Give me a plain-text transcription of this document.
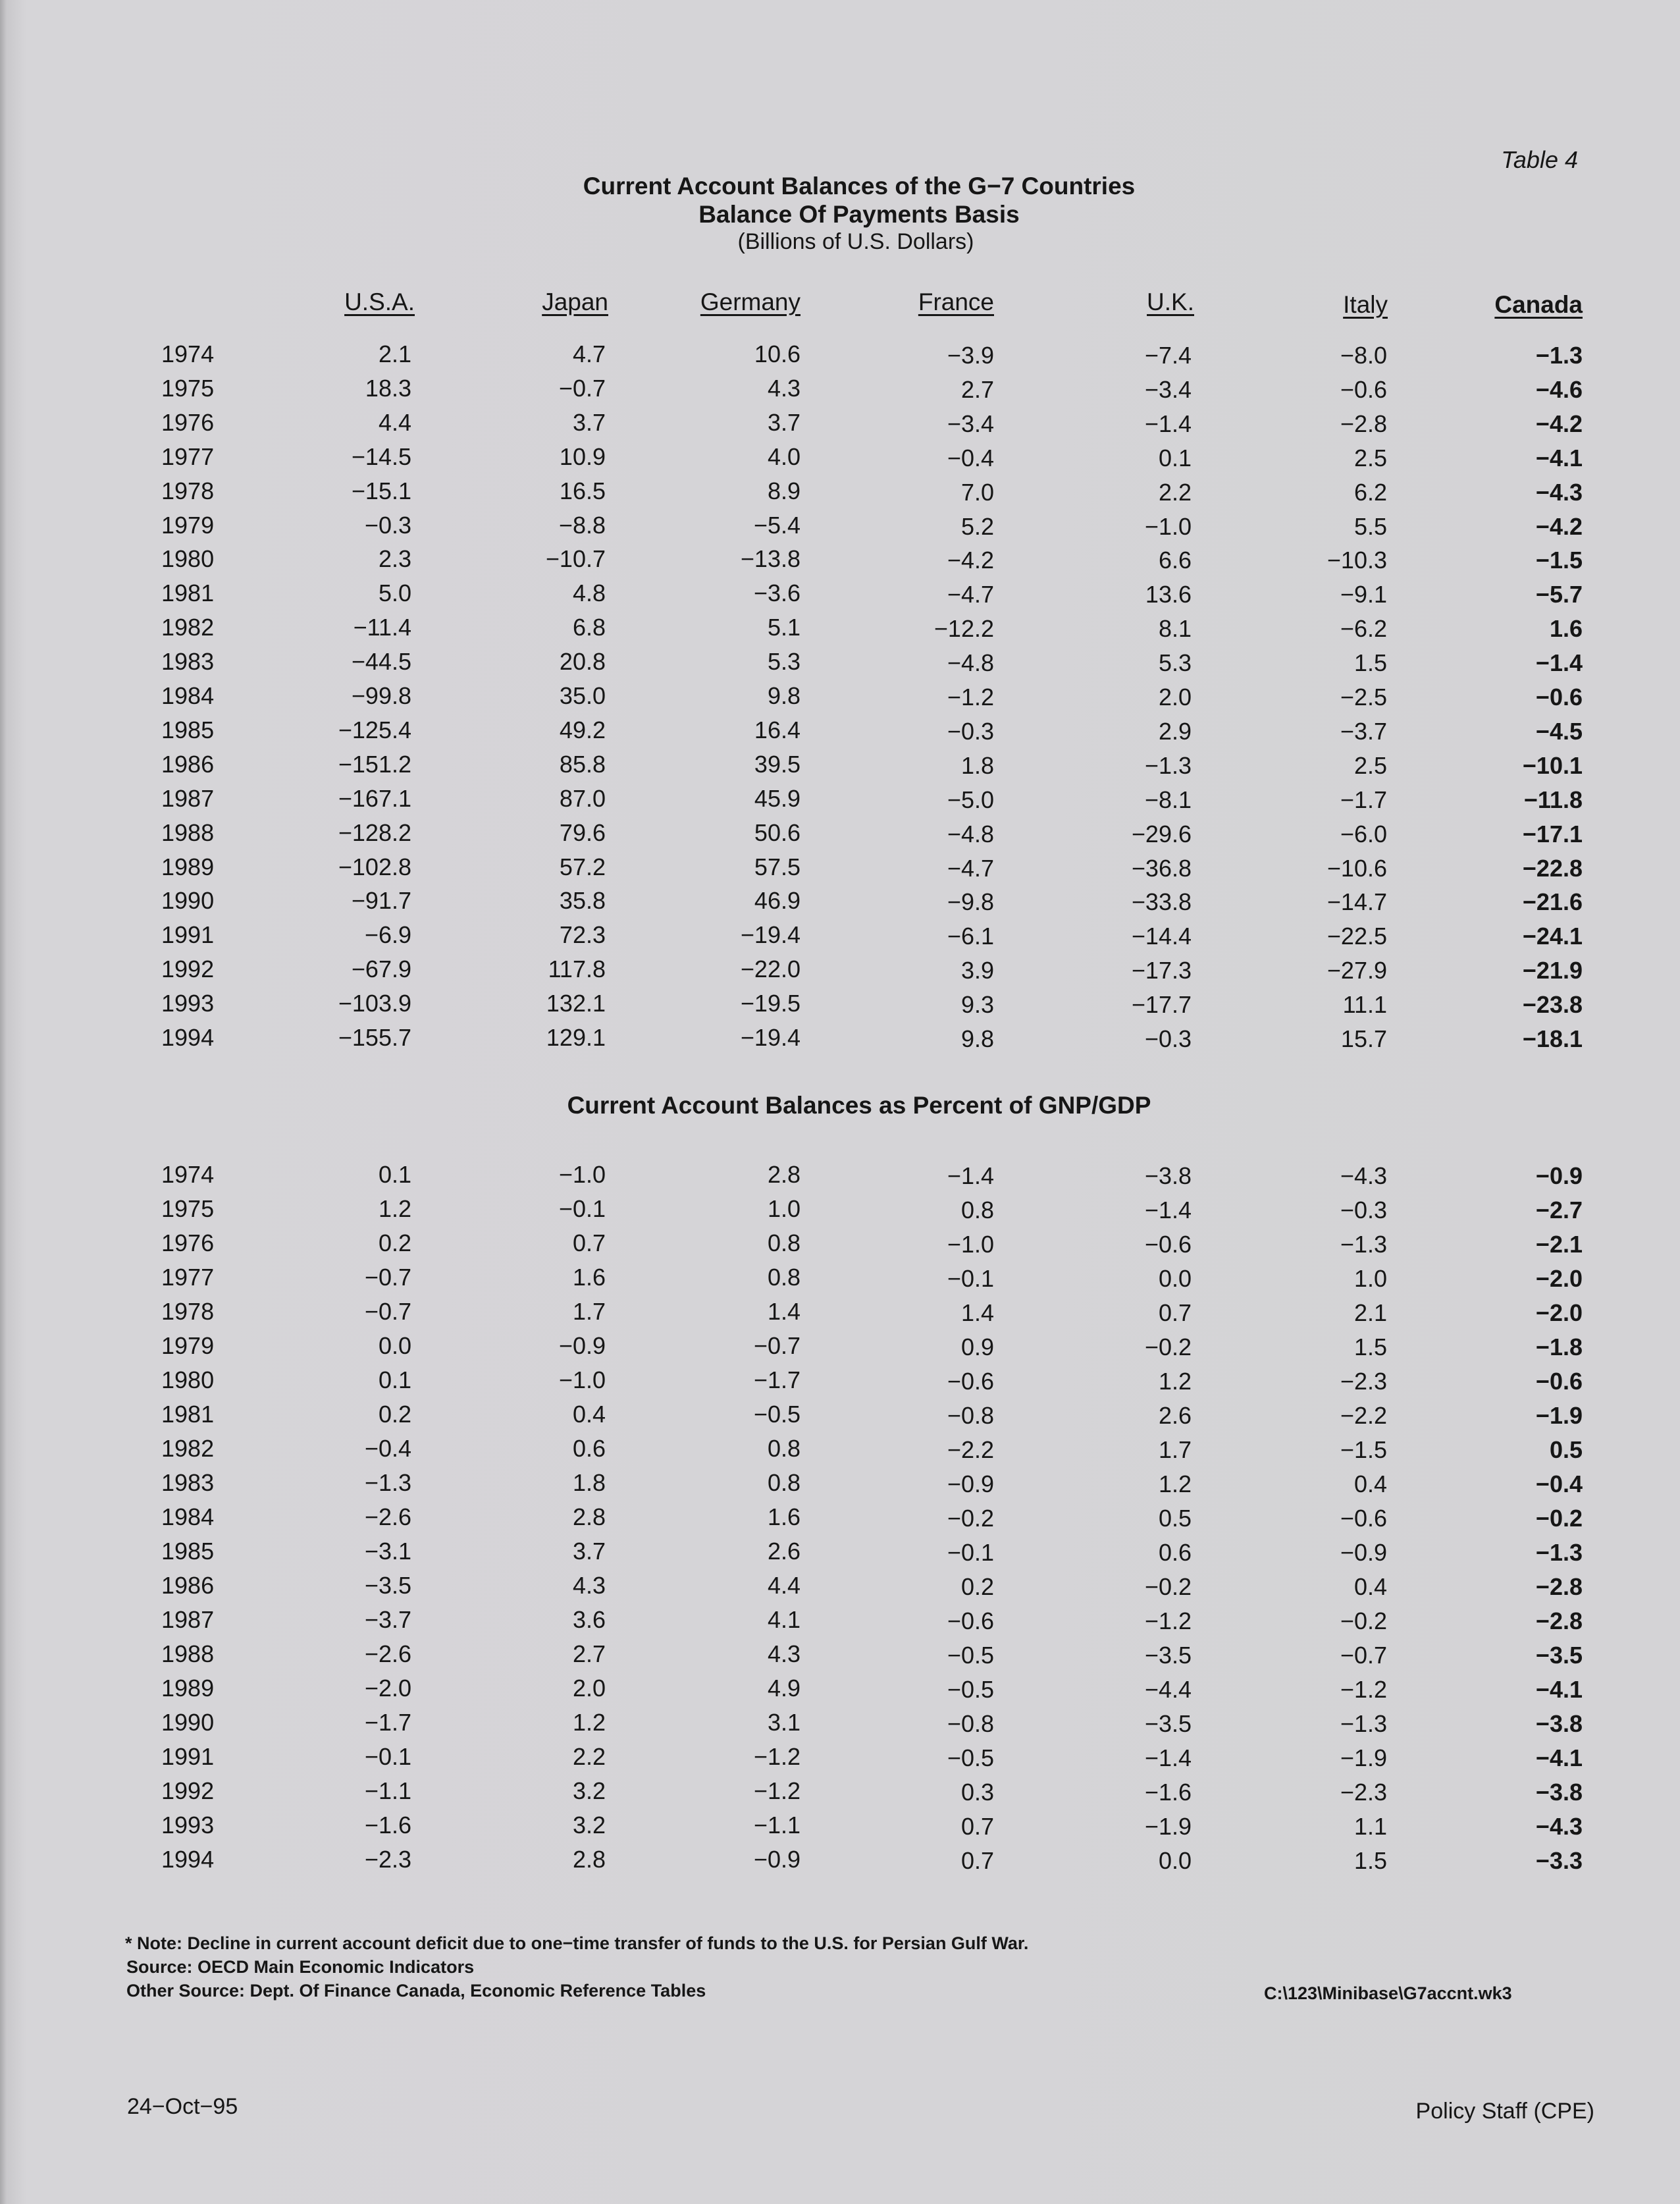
Table 4
Current Account Balances of the G−7 Countries
Balance Of Payments Basis
(Billions of U.S. Dollars)
U.S.A.	Japan	Germany	France	U.K.	Italy	Canada
1974	2.1	4.7	10.6	−3.9	−7.4	−8.0	−1.3
1975	18.3	−0.7	4.3	2.7	−3.4	−0.6	−4.6
1976	4.4	3.7	3.7	−3.4	−1.4	−2.8	−4.2
1977	−14.5	10.9	4.0	−0.4	0.1	2.5	−4.1
1978	−15.1	16.5	8.9	7.0	2.2	6.2	−4.3
1979	−0.3	−8.8	−5.4	5.2	−1.0	5.5	−4.2
1980	2.3	−10.7	−13.8	−4.2	6.6	−10.3	−1.5
1981	5.0	4.8	−3.6	−4.7	13.6	−9.1	−5.7
1982	−11.4	6.8	5.1	−12.2	8.1	−6.2	1.6
1983	−44.5	20.8	5.3	−4.8	5.3	1.5	−1.4
1984	−99.8	35.0	9.8	−1.2	2.0	−2.5	−0.6
1985	−125.4	49.2	16.4	−0.3	2.9	−3.7	−4.5
1986	−151.2	85.8	39.5	1.8	−1.3	2.5	−10.1
1987	−167.1	87.0	45.9	−5.0	−8.1	−1.7	−11.8
1988	−128.2	79.6	50.6	−4.8	−29.6	−6.0	−17.1
1989	−102.8	57.2	57.5	−4.7	−36.8	−10.6	−22.8
1990	−91.7	35.8	46.9	−9.8	−33.8	−14.7	−21.6
1991	−6.9	72.3	−19.4	−6.1	−14.4	−22.5	−24.1
1992	−67.9	117.8	−22.0	3.9	−17.3	−27.9	−21.9
1993	−103.9	132.1	−19.5	9.3	−17.7	11.1	−23.8
1994	−155.7	129.1	−19.4	9.8	−0.3	15.7	−18.1
Current Account Balances as Percent of GNP/GDP
1974	0.1	−1.0	2.8	−1.4	−3.8	−4.3	−0.9
1975	1.2	−0.1	1.0	0.8	−1.4	−0.3	−2.7
1976	0.2	0.7	0.8	−1.0	−0.6	−1.3	−2.1
1977	−0.7	1.6	0.8	−0.1	0.0	1.0	−2.0
1978	−0.7	1.7	1.4	1.4	0.7	2.1	−2.0
1979	0.0	−0.9	−0.7	0.9	−0.2	1.5	−1.8
1980	0.1	−1.0	−1.7	−0.6	1.2	−2.3	−0.6
1981	0.2	0.4	−0.5	−0.8	2.6	−2.2	−1.9
1982	−0.4	0.6	0.8	−2.2	1.7	−1.5	0.5
1983	−1.3	1.8	0.8	−0.9	1.2	0.4	−0.4
1984	−2.6	2.8	1.6	−0.2	0.5	−0.6	−0.2
1985	−3.1	3.7	2.6	−0.1	0.6	−0.9	−1.3
1986	−3.5	4.3	4.4	0.2	−0.2	0.4	−2.8
1987	−3.7	3.6	4.1	−0.6	−1.2	−0.2	−2.8
1988	−2.6	2.7	4.3	−0.5	−3.5	−0.7	−3.5
1989	−2.0	2.0	4.9	−0.5	−4.4	−1.2	−4.1
1990	−1.7	1.2	3.1	−0.8	−3.5	−1.3	−3.8
1991	−0.1	2.2	−1.2	−0.5	−1.4	−1.9	−4.1
1992	−1.1	3.2	−1.2	0.3	−1.6	−2.3	−3.8
1993	−1.6	3.2	−1.1	0.7	−1.9	1.1	−4.3
1994	−2.3	2.8	−0.9	0.7	0.0	1.5	−3.3
* Note: Decline in current account deficit due to one−time transfer of funds to the U.S. for Persian Gulf War.
Source: OECD Main Economic Indicators
Other Source: Dept. Of Finance Canada, Economic Reference Tables	C:\123\Minibase\G7accnt.wk3
24−Oct−95	Policy Staff (CPE)
